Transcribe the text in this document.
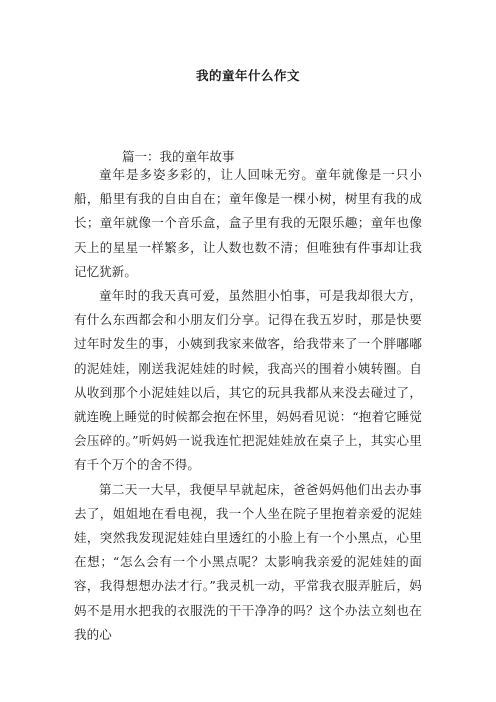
我的童年什么作文

篇一：我的童年故事

童年是多姿多彩的，让人回味无穷。童年就像是一只小船，船里有我的自由自在；童年像是一棵小树，树里有我的成长；童年就像一个音乐盒，盒子里有我的无限乐趣；童年也像天上的星星一样繁多，让人数也数不清；但唯独有件事却让我记忆犹新。

童年时的我天真可爱，虽然胆小怕事，可是我却很大方，有什么东西都会和小朋友们分享。记得在我五岁时，那是快要过年时发生的事，小姨到我家来做客，给我带来了一个胖嘟嘟的泥娃娃，刚送我泥娃娃的时候，我高兴的围着小姨转圈。自从收到那个小泥娃娃以后，其它的玩具我都从来没去碰过了，就连晚上睡觉的时候都会抱在怀里，妈妈看见说：“抱着它睡觉会压碎的。”听妈妈一说我连忙把泥娃娃放在桌子上，其实心里有千个万个的舍不得。

第二天一大早，我便早早就起床，爸爸妈妈他们出去办事去了，姐姐地在看电视，我一个人坐在院子里抱着亲爱的泥娃娃，突然我发现泥娃娃白里透红的小脸上有一个小黑点，心里在想；“怎么会有一个小黑点呢？太影响我亲爱的泥娃娃的面容，我得想想办法才行。”我灵机一动，平常我衣服弄脏后，妈妈不是用水把我的衣服洗的干干净净的吗？这个办法立刻也在我的心
